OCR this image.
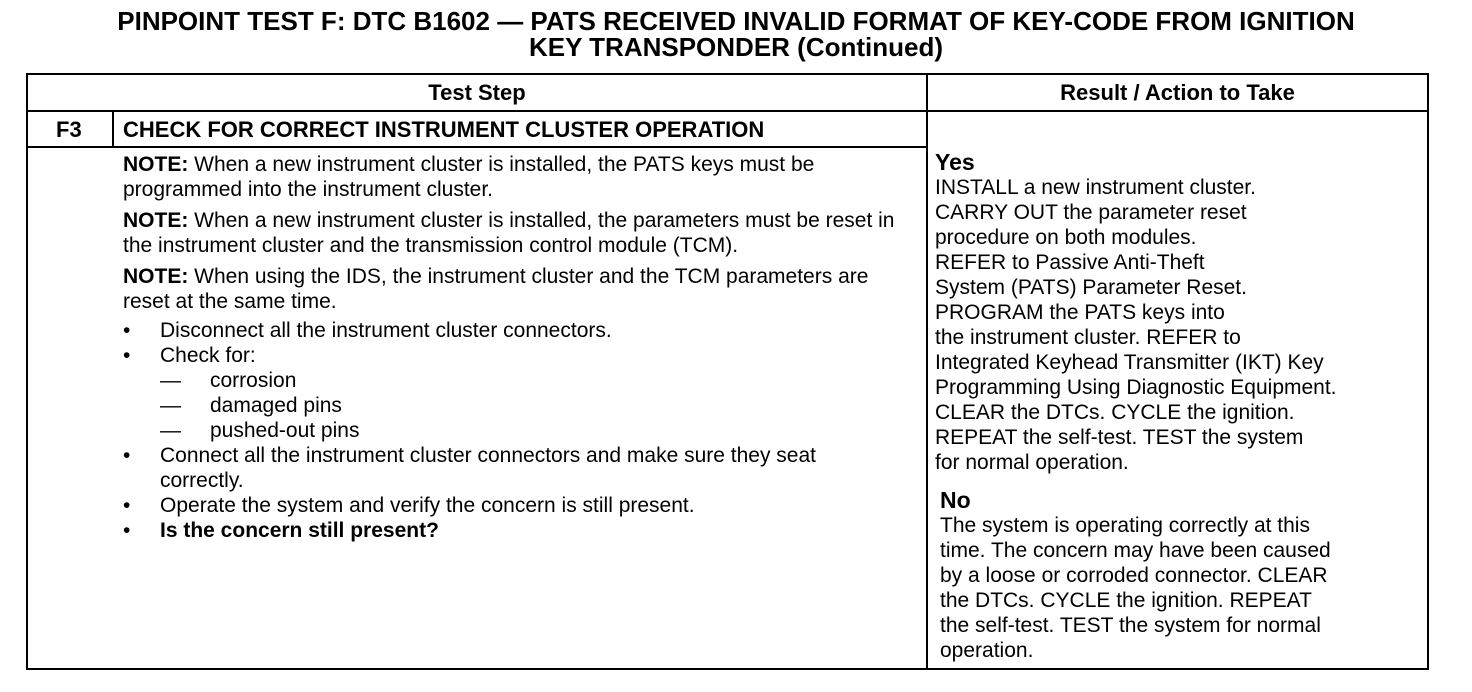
PINPOINT TEST F: DTC B1602 — PATS RECEIVED INVALID FORMAT OF KEY-CODE FROM IGNITION
KEY TRANSPONDER (Continued)
Test Step	Result / Action to Take
F3 CHECK FOR CORRECT INSTRUMENT CLUSTER OPERATION

NOTE: When a new instrument cluster is installed, the PATS keys must be programmed into the instrument cluster.

NOTE: When a new instrument cluster is installed, the parameters must be reset in the instrument cluster and the transmission control module (TCM).

NOTE: When using the IDS, the instrument cluster and the TCM parameters are reset at the same time.

• Disconnect all the instrument cluster connectors.
• Check for:
— corrosion
— damaged pins
— pushed-out pins
• Connect all the instrument cluster connectors and make sure they seat correctly.
• Operate the system and verify the concern is still present.
• Is the concern still present?
Yes
INSTALL a new instrument cluster.
CARRY OUT the parameter reset
procedure on both modules.
REFER to Passive Anti-Theft
System (PATS) Parameter Reset.
PROGRAM the PATS keys into
the instrument cluster. REFER to
Integrated Keyhead Transmitter (IKT) Key
Programming Using Diagnostic Equipment.
CLEAR the DTCs. CYCLE the ignition.
REPEAT the self-test. TEST the system
for normal operation.
No
The system is operating correctly at this
time. The concern may have been caused
by a loose or corroded connector. CLEAR
the DTCs. CYCLE the ignition. REPEAT
the self-test. TEST the system for normal
operation.
